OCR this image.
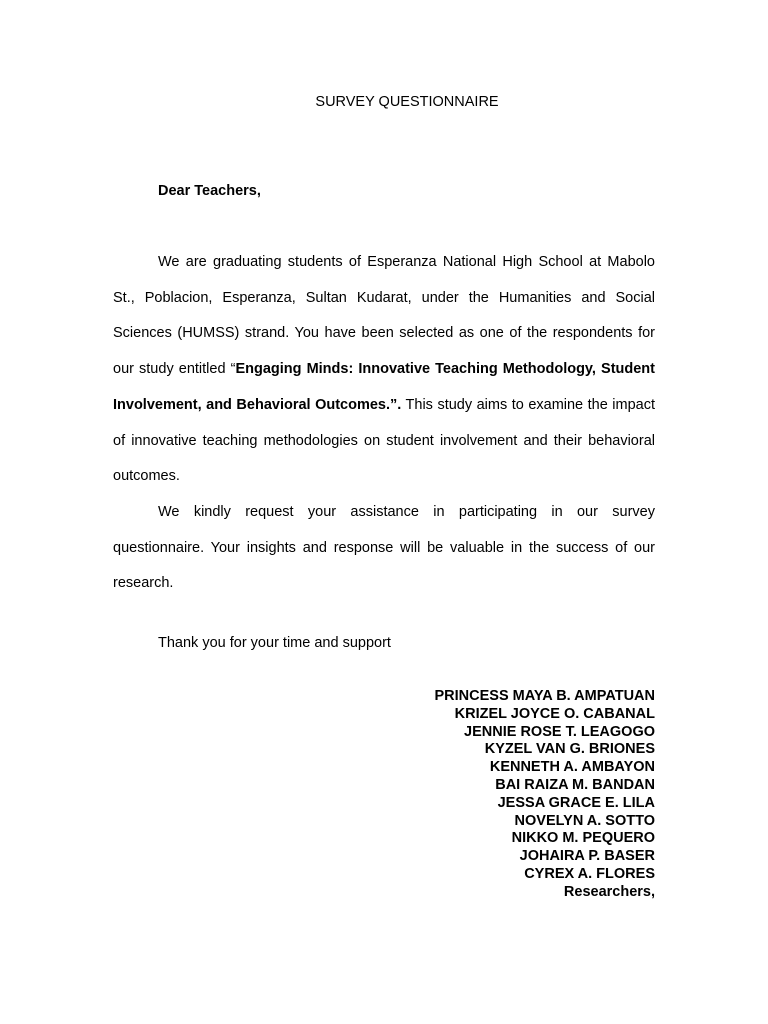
SURVEY QUESTIONNAIRE
Dear Teachers,

We are graduating students of Esperanza National High School at Mabolo St., Poblacion, Esperanza, Sultan Kudarat, under the Humanities and Social Sciences (HUMSS) strand. You have been selected as one of the respondents for our study entitled “Engaging Minds: Innovative Teaching Methodology, Student Involvement, and Behavioral Outcomes.”. This study aims to examine the impact of innovative teaching methodologies on student involvement and their behavioral outcomes.

We kindly request your assistance in participating in our survey questionnaire. Your insights and response will be valuable in the success of our research.

Thank you for your time and support
PRINCESS MAYA B. AMPATUAN
KRIZEL JOYCE O. CABANAL
JENNIE ROSE T. LEAGOGO
KYZEL VAN G. BRIONES
KENNETH A. AMBAYON
BAI RAIZA M. BANDAN
JESSA GRACE E. LILA
NOVELYN A. SOTTO
NIKKO M. PEQUERO
JOHAIRA P. BASER
CYREX A. FLORES
Researchers,
